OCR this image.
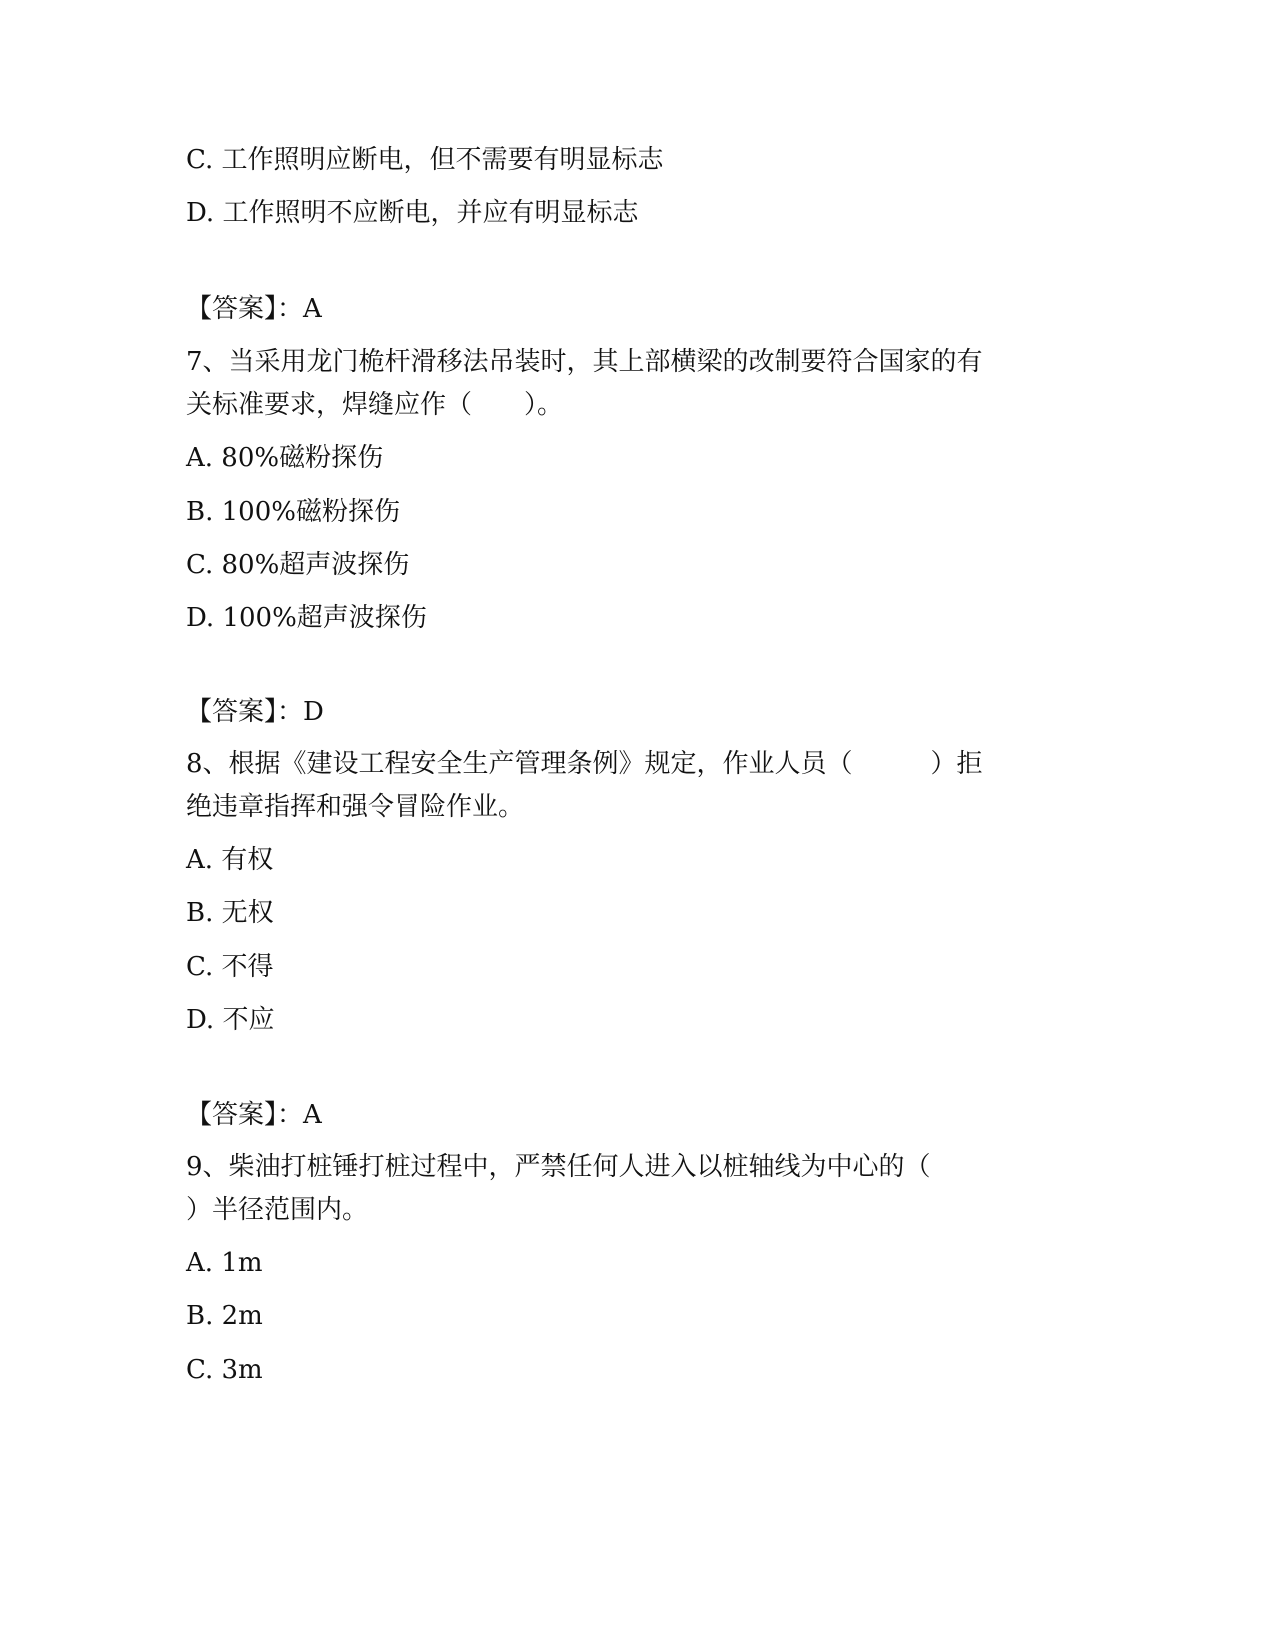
C. 工作照明应断电，但不需要有明显标志
D. 工作照明不应断电，并应有明显标志
【答案】：A
7、当采用龙门桅杆滑移法吊装时，其上部横梁的改制要符合国家的有
关标准要求，焊缝应作（　　）。
A. 80%磁粉探伤
B. 100%磁粉探伤
C. 80%超声波探伤
D. 100%超声波探伤
【答案】：D
8、根据《建设工程安全生产管理条例》规定，作业人员（　　　）拒
绝违章指挥和强令冒险作业。
A. 有权
B. 无权
C. 不得
D. 不应
【答案】：A
9、柴油打桩锤打桩过程中，严禁任何人进入以桩轴线为中心的（
）半径范围内。
A. 1m
B. 2m
C. 3m
